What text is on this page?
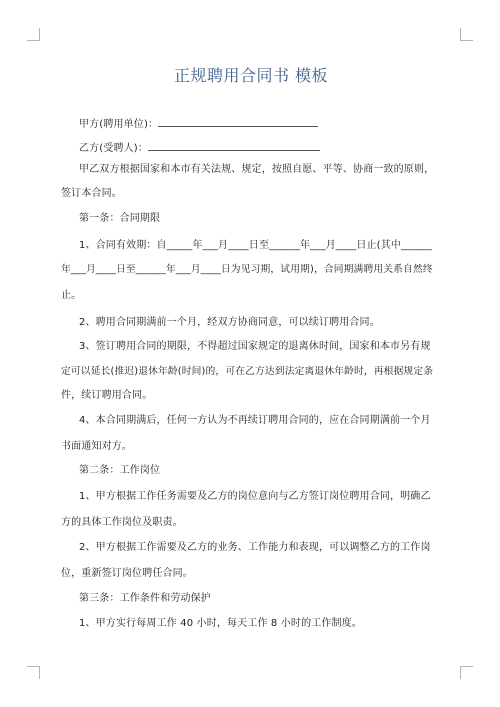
正规聘用合同书 模板
甲方(聘用单位)：
乙方(受聘人)：
甲乙双方根据国家和本市有关法规、规定，按照自愿、平等、协商一致的原则，
签订本合同。
第一条：合同期限
1、合同有效期：自_____年___月____日至______年___月____日止(其中______
年___月____日至______年___月____日为见习期，试用期)，合同期满聘用关系自然终
止。
2、聘用合同期满前一个月，经双方协商同意，可以续订聘用合同。
3、签订聘用合同的期限，不得超过国家规定的退离休时间，国家和本市另有规
定可以延长(推迟)退休年龄(时间)的，可在乙方达到法定离退休年龄时，再根据规定条
件，续订聘用合同。
4、本合同期满后，任何一方认为不再续订聘用合同的，应在合同期满前一个月
书面通知对方。
第二条：工作岗位
1、甲方根据工作任务需要及乙方的岗位意向与乙方签订岗位聘用合同，明确乙
方的具体工作岗位及职责。
2、甲方根据工作需要及乙方的业务、工作能力和表现，可以调整乙方的工作岗
位，重新签订岗位聘任合同。
第三条：工作条件和劳动保护
1、甲方实行每周工作 40 小时，每天工作 8 小时的工作制度。
